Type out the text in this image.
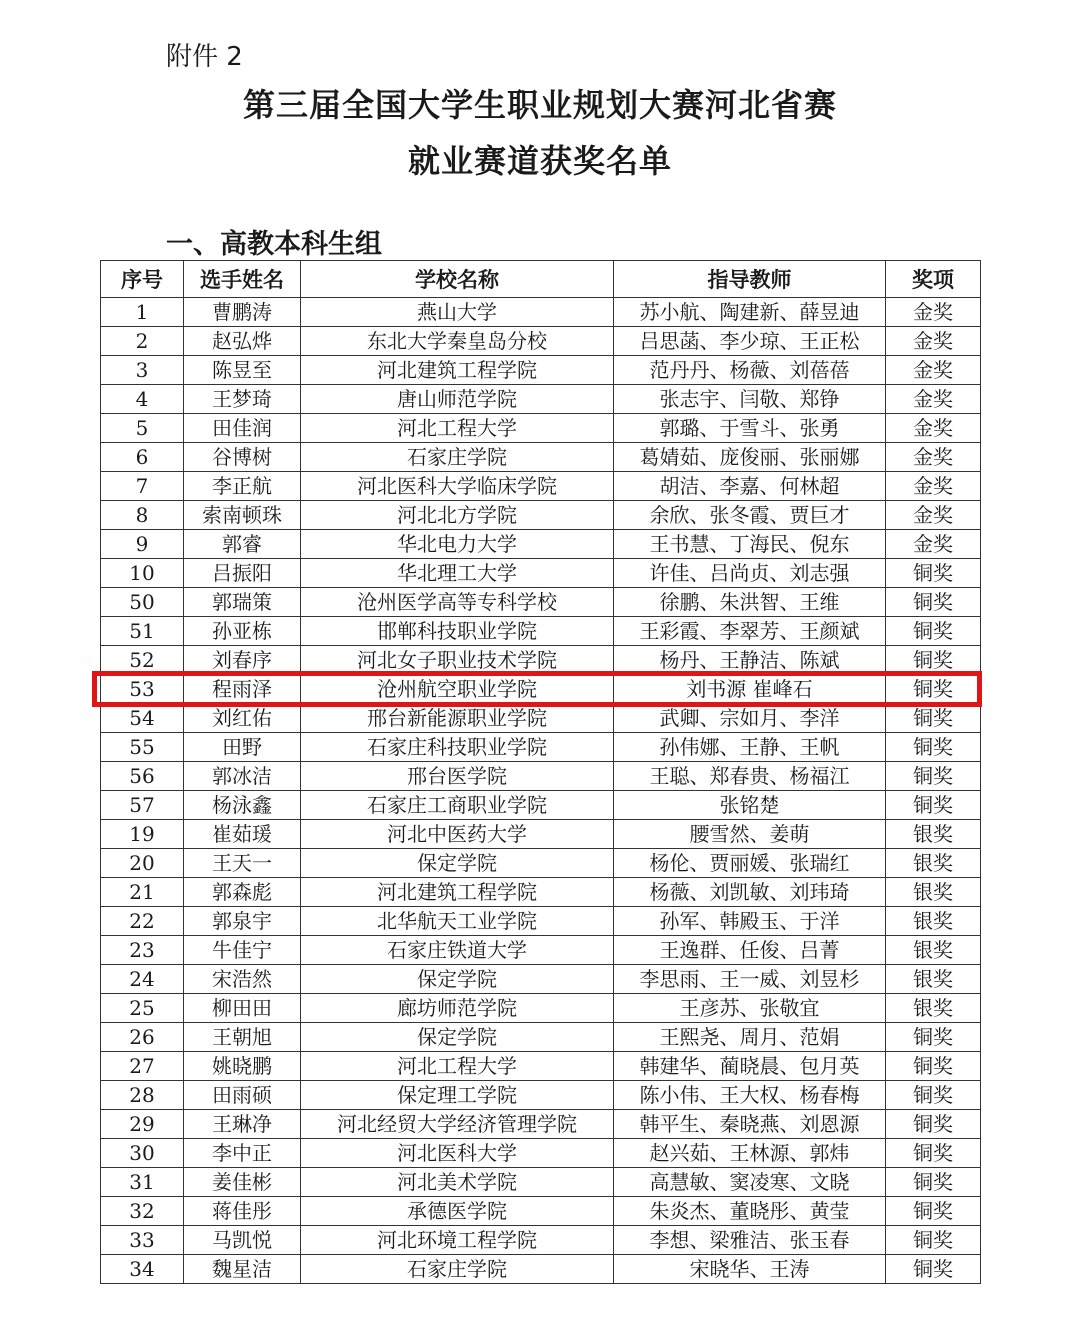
附件 2
第三届全国大学生职业规划大赛河北省赛
就业赛道获奖名单
一、高教本科生组
序号	选手姓名	学校名称	指导教师	奖项
1	曹鹏涛	燕山大学	苏小航、陶建新、薛昱迪	金奖
2	赵弘烨	东北大学秦皇岛分校	吕思菡、李少琼、王正松	金奖
3	陈昱至	河北建筑工程学院	范丹丹、杨薇、刘蓓蓓	金奖
4	王梦琦	唐山师范学院	张志宇、闫敬、郑铮	金奖
5	田佳润	河北工程大学	郭璐、于雪斗、张勇	金奖
6	谷博树	石家庄学院	葛婧茹、庞俊丽、张丽娜	金奖
7	李正航	河北医科大学临床学院	胡洁、李嘉、何林超	金奖
8	索南顿珠	河北北方学院	余欣、张冬霞、贾巨才	金奖
9	郭睿	华北电力大学	王书慧、丁海民、倪东	金奖
10	吕振阳	华北理工大学	许佳、吕尚贞、刘志强	铜奖
50	郭瑞策	沧州医学高等专科学校	徐鹏、朱洪智、王维	铜奖
51	孙亚栋	邯郸科技职业学院	王彩霞、李翠芳、王颜斌	铜奖
52	刘春序	河北女子职业技术学院	杨丹、王静洁、陈斌	铜奖
53	程雨泽	沧州航空职业学院	刘书源 崔峰石	铜奖
54	刘红佑	邢台新能源职业学院	武卿、宗如月、李洋	铜奖
55	田野	石家庄科技职业学院	孙伟娜、王静、王帆	铜奖
56	郭冰洁	邢台医学院	王聪、郑春贵、杨福江	铜奖
57	杨泳鑫	石家庄工商职业学院	张铭楚	铜奖
19	崔茹瑗	河北中医药大学	腰雪然、姜萌	银奖
20	王天一	保定学院	杨伦、贾丽媛、张瑞红	银奖
21	郭森彪	河北建筑工程学院	杨薇、刘凯敏、刘玮琦	银奖
22	郭泉宇	北华航天工业学院	孙军、韩殿玉、于洋	银奖
23	牛佳宁	石家庄铁道大学	王逸群、任俊、吕菁	银奖
24	宋浩然	保定学院	李思雨、王一威、刘昱杉	银奖
25	柳田田	廊坊师范学院	王彦苏、张敬宜	银奖
26	王朝旭	保定学院	王熙尧、周月、范娟	铜奖
27	姚晓鹏	河北工程大学	韩建华、蔺晓晨、包月英	铜奖
28	田雨硕	保定理工学院	陈小伟、王大权、杨春梅	铜奖
29	王琳净	河北经贸大学经济管理学院	韩平生、秦晓燕、刘恩源	铜奖
30	李中正	河北医科大学	赵兴茹、王林源、郭炜	铜奖
31	姜佳彬	河北美术学院	高慧敏、窦凌寒、文晓	铜奖
32	蒋佳彤	承德医学院	朱炎杰、董晓彤、黄莹	铜奖
33	马凯悦	河北环境工程学院	李想、梁雅洁、张玉春	铜奖
34	魏星洁	石家庄学院	宋晓华、王涛	铜奖
